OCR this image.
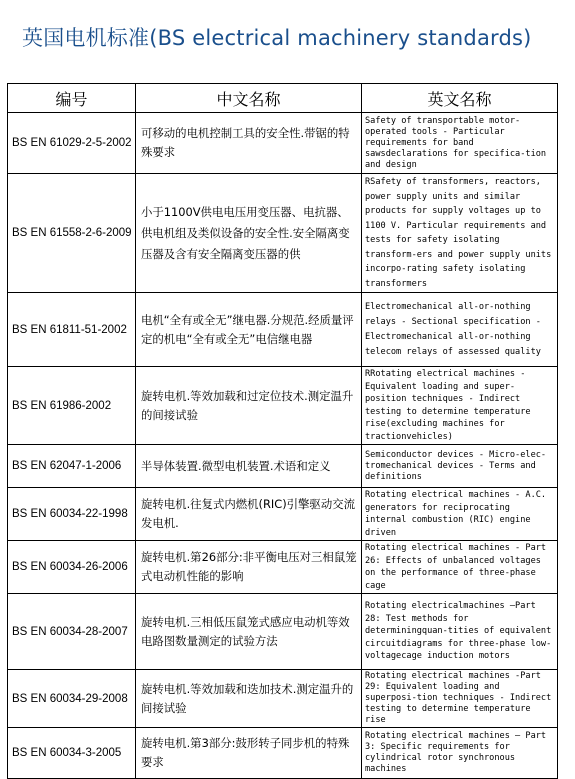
英国电机标准(BS electrical machinery standards)
编号	中文名称	英文名称
BS EN 61029-2-5-2002	可移动的电机控制工具的安全性.带锯的特殊要求	Safety of transportable motor-operated tools - Particular requirements for band sawsdeclarations for specifica-tion and design
BS EN 61558-2-6-2009	小于1100V供电电压用变压器、电抗器、供电机组及类似设备的安全性.安全隔离变压器及含有安全隔离变压器的供	RSafety of transformers, reactors, power supply units and similar products for supply voltages up to 1100 V. Particular requirements and tests for safety isolating transform-ers and power supply units incorpo-rating safety isolating transformers
BS EN 61811-51-2002	电机“全有或全无”继电器.分规范.经质量评定的机电“全有或全无”电信继电器	Electromechanical all-or-nothing relays - Sectional specification - Electromechanical all-or-nothing telecom relays of assessed quality
BS EN 61986-2002	旋转电机.等效加载和过定位技术.测定温升的间接试验	RRotating electrical machines - Equivalent loading and super-position techniques - Indirect testing to determine temperature rise(excluding machines for tractionvehicles)
BS EN 62047-1-2006	半导体装置.微型电机装置.术语和定义	Semiconductor devices - Micro-elec-tromechanical devices - Terms and definitions
BS EN 60034-22-1998	旋转电机.往复式内燃机(RIC)引擎驱动交流发电机.	Rotating electrical machines - A.C. generators for reciprocating internal combustion (RIC) engine driven
BS EN 60034-26-2006	旋转电机.第26部分:非平衡电压对三相鼠笼式电动机性能的影响	Rotating electrical machines - Part 26: Effects of unbalanced voltages on the performance of three-phase cage
BS EN 60034-28-2007	旋转电机.三相低压鼠笼式感应电动机等效电路图数量测定的试验方法	Rotating electricalmachines —Part 28: Test methods for determiningquan-tities of equivalent circuitdiagrams for three-phase low-voltagecage induction motors
BS EN 60034-29-2008	旋转电机.等效加载和迭加技术.测定温升的间接试验	Rotating electrical machines -Part 29: Equivalent loading and superposi-tion techniques - Indirect testing to determine temperature rise
BS EN 60034-3-2005	旋转电机.第3部分:鼓形转子同步机的特殊要求	Rotating electrical machines — Part 3: Specific requirements for cylindrical rotor synchronous machines
